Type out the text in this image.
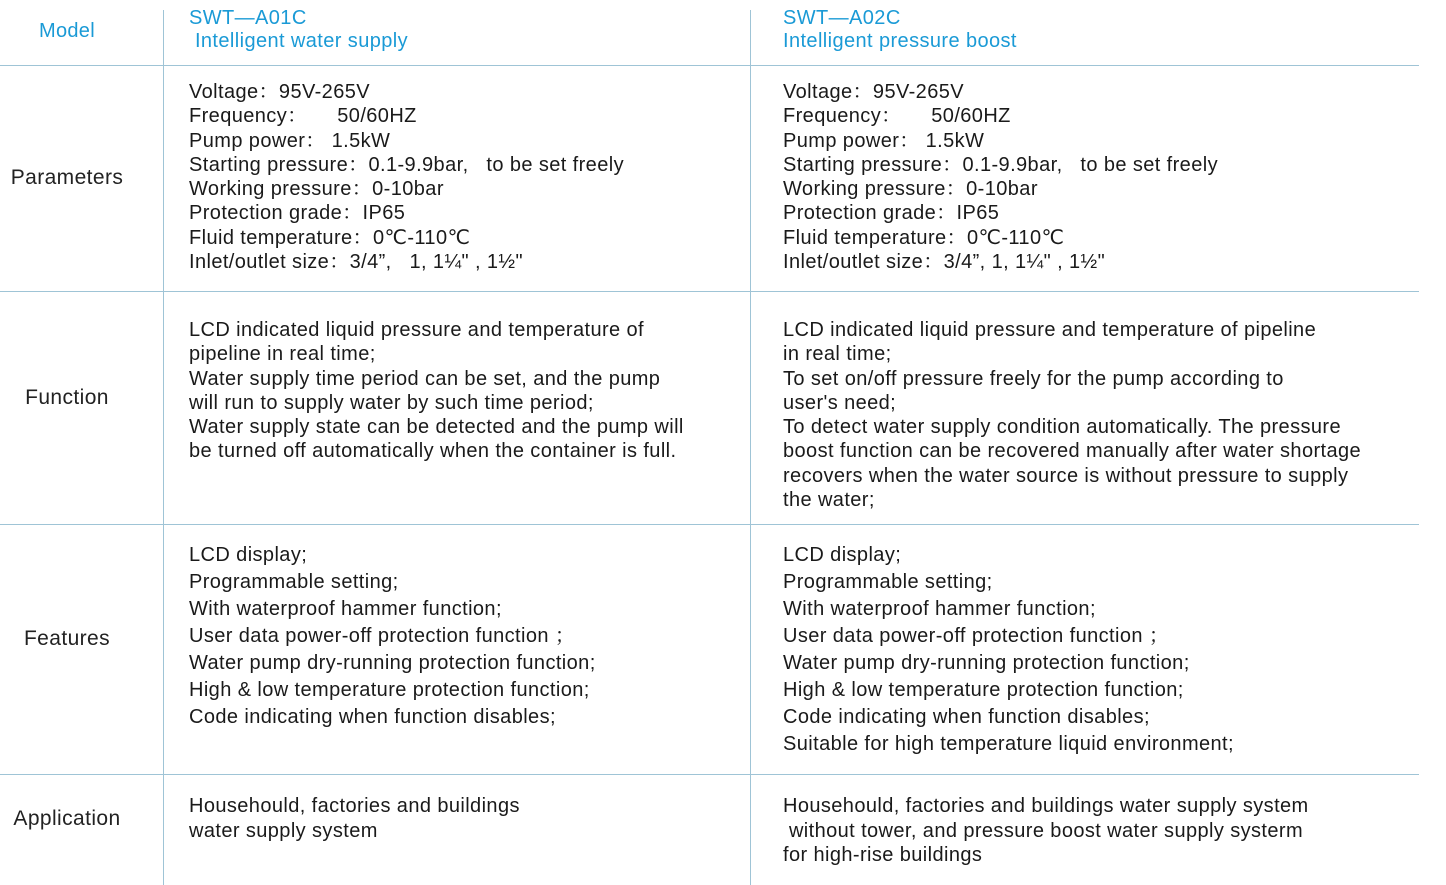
Model
SWT—A01C
Intelligent water supply
SWT—A02C
Intelligent pressure boost
Parameters
Voltage：95V-265V
Frequency：     50/60HZ
Pump power： 1.5kW
Starting pressure：0.1-9.9bar,   to be set freely
Working pressure：0-10bar
Protection grade：IP65
Fluid temperature：0℃-110℃
Inlet/outlet size：3/4”,   1, 1¼" , 1½"
Voltage：95V-265V
Frequency：     50/60HZ
Pump power： 1.5kW
Starting pressure：0.1-9.9bar,   to be set freely
Working pressure：0-10bar
Protection grade：IP65
Fluid temperature：0℃-110℃
Inlet/outlet size：3/4”, 1, 1¼" , 1½"
Function
LCD indicated liquid pressure and temperature of
pipeline in real time;
Water supply time period can be set, and the pump
will run to supply water by such time period;
Water supply state can be detected and the pump will
be turned off automatically when the container is full.
LCD indicated liquid pressure and temperature of pipeline
in real time;
To set on/off pressure freely for the pump according to
user's need;
To detect water supply condition automatically. The pressure
boost function can be recovered manually after water shortage
recovers when the water source is without pressure to supply
the water;
Features
LCD display;
Programmable setting;
With waterproof hammer function;
User data power-off protection function ；
Water pump dry-running protection function;
High & low temperature protection function;
Code indicating when function disables;
LCD display;
Programmable setting;
With waterproof hammer function;
User data power-off protection function ；
Water pump dry-running protection function;
High & low temperature protection function;
Code indicating when function disables;
Suitable for high temperature liquid environment;
Application
Househould, factories and buildings
water supply system
Househould, factories and buildings water supply system
without tower, and pressure boost water supply systerm
for high-rise buildings
